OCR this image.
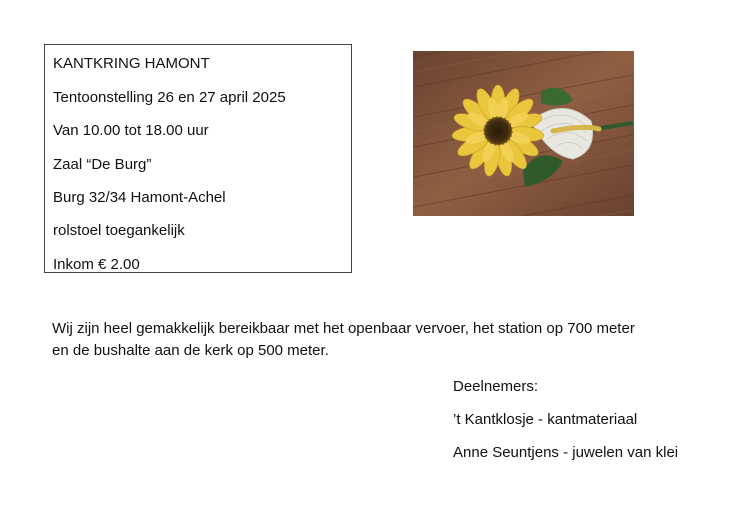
KANTKRING HAMONT
Tentoonstelling 26 en 27 april 2025
Van 10.00 tot 18.00 uur
Zaal “De Burg”
Burg 32/34 Hamont-Achel
rolstoel toegankelijk
Inkom € 2.00
Wij zijn heel gemakkelijk bereikbaar met het openbaar vervoer, het station op 700 meter
en de bushalte aan de kerk op 500 meter.
Deelnemers:
’t Kantklosje - kantmateriaal
Anne Seuntjens - juwelen van klei
